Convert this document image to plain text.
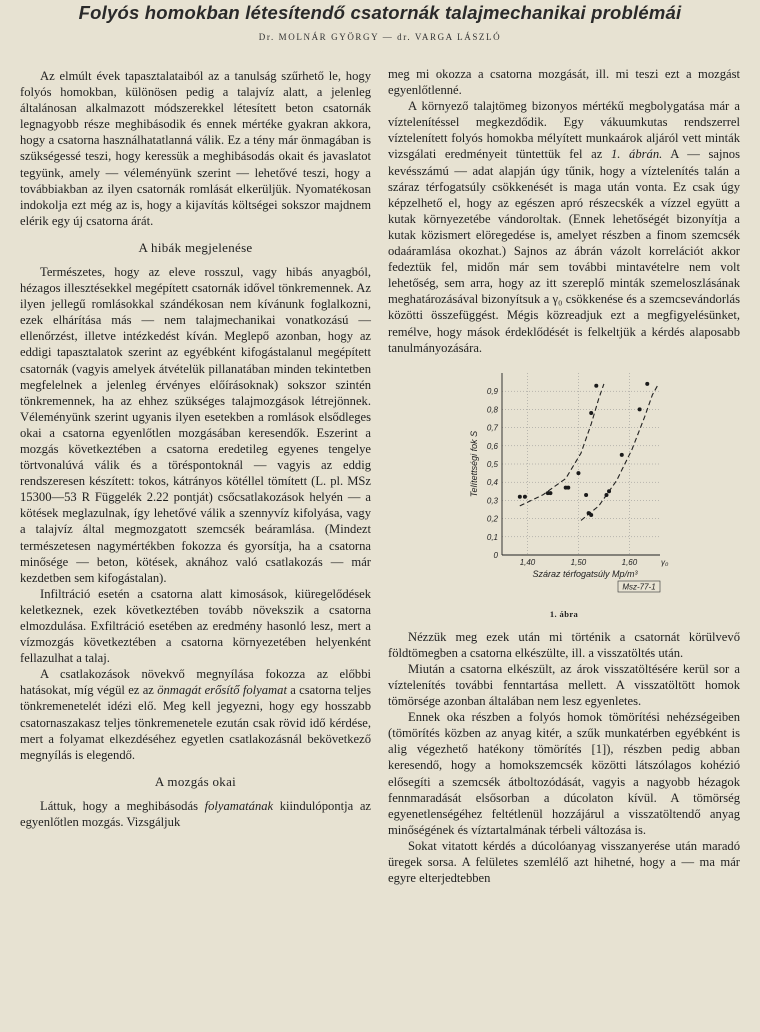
Folyós homokban létesítendő csatornák talajmechanikai problémái
Dr. MOLNÁR GYÖRGY — dr. VARGA LÁSZLÓ

Az elmúlt évek tapasztalataiból az a tanulság szűrhető le, hogy folyós homokban, különösen pedig a talajvíz alatt, a jelenleg általánosan alkalmazott módszerekkel létesített beton csatornák legnagyobb része meghibásodik és ennek mértéke gyakran akkora, hogy a csatorna használhatatlanná válik. Ez a tény már önmagában is szükségessé teszi, hogy keressük a meghibásodás okait és javaslatot tegyünk, amely — véleményünk szerint — lehetővé teszi, hogy a továbbiakban az ilyen csatornák romlását elkerüljük. Nyomatékosan indokolja ezt még az is, hogy a kijavítás költségei sokszor majdnem elérik egy új csatorna árát.

A hibák megjelenése

Természetes, hogy az eleve rosszul, vagy hibás anyagból, hézagos illesztésekkel megépített csatornák idővel tönkremennek. Az ilyen jellegű romlásokkal szándékosan nem kívánunk foglalkozni, ezek elhárítása más — nem talajmechanikai vonatkozású — ellenőrzést, illetve intézkedést kíván. Meglepő azonban, hogy az eddigi tapasztalatok szerint az egyébként kifogástalanul megépített csatornák (vagyis amelyek átvételük pillanatában minden tekintetben megfelelnek a jelenleg érvényes előírásoknak) sokszor szintén tönkremennek, ha az ehhez szükséges talajmozgások létrejönnek. Véleményünk szerint ugyanis ilyen esetekben a romlások elsődleges okai a csatorna egyenlőtlen mozgásában keresendők. Eszerint a mozgás következtében a csatorna eredetileg egyenes tengelye törtvonalúvá válik és a töréspontoknál — vagyis az eddig rendszeresen készített: tokos, kátrányos kötéllel tömített (L. pl. MSz 15300—53 R Függelék 2.22 pontját) csőcsatlakozások helyén — a kötések meglazulnak, így lehetővé válik a szennyvíz kifolyása, vagy a talajvíz által megmozgatott szemcsék beáramlása. (Mindezt természetesen nagymértékben fokozza és gyorsítja, ha a csatorna minősége — beton, kötések, aknához való csatlakozás — már kezdetben sem kifogástalan).

Infiltráció esetén a csatorna alatt kimosások, kiüregelődések keletkeznek, ezek következtében tovább növekszik a csatorna elmozdulása. Exfiltráció esetében az eredmény hasonló lesz, mert a vízmozgás következtében a csatorna környezetében helyenként fellazulhat a talaj.

A csatlakozások növekvő megnyílása fokozza az előbbi hatásokat, míg végül ez az önmagát erősítő folyamat a csatorna teljes tönkremenetelét idézi elő. Meg kell jegyezni, hogy egy hosszabb csatornaszakasz teljes tönkremenetele ezután csak rövid idő kérdése, mert a folyamat elkezdéséhez egyetlen csatlakozásnál bekövetkező megnyílás is elegendő.

A mozgás okai

Láttuk, hogy a meghibásodás folyamatának kiindulópontja az egyenlőtlen mozgás. Vizsgáljuk

meg mi okozza a csatorna mozgását, ill. mi teszi ezt a mozgást egyenlőtlenné.

A környező talajtömeg bizonyos mértékű megbolygatása már a víztelenítéssel megkezdődik. Egy vákuumkutas rendszerrel víztelenített folyós homokba mélyített munkaárok aljáról vett minták vizsgálati eredményeit tüntettük fel az 1. ábrán. A — sajnos kevésszámú — adat alapján úgy tűnik, hogy a víztelenítés talán a száraz térfogatsúly csökkenését is maga után vonta. Ez csak úgy képzelhető el, hogy az egészen apró részecskék a vízzel együtt a kutak környezetébe vándoroltak. (Ennek lehetőségét bizonyítja a kutak közismert elöregedése is, amelyet részben a finom szemcsék odaáramlása okozhat.) Sajnos az ábrán vázolt korrelációt akkor fedeztük fel, midőn már sem további mintavételre nem volt lehetőség, sem arra, hogy az itt szereplő minták szemeloszlásának meghatározásával bizonyítsuk a γ₀ csökkenése és a szemcsevándorlás közötti összefüggést. Mégis közreadjuk ezt a megfigyelésünket, remélve, hogy mások érdeklődését is felkeltjük a kérdés alaposabb tanulmányozására.

0
0,1
0,2
0,3
0,4
0,5
0,6
0,7
0,8
0,9
1,40	1,50	1,60	γ₀
Száraz térfogatsúly Mp/m³
Telítettségi fok S
Msz-77-1
1. ábra

Nézzük meg ezek után mi történik a csatornát körülvevő földtömegben a csatorna elkészülte, ill. a visszatöltés után.

Miután a csatorna elkészült, az árok visszatöltésére kerül sor a víztelenítés további fenntartása mellett. A visszatöltött homok tömörsége azonban általában nem lesz egyenletes.

Ennek oka részben a folyós homok tömörítési nehézségeiben (tömörítés közben az anyag kitér, a szűk munkatérben egyébként is alig végezhető hatékony tömörítés [1]), részben pedig abban keresendő, hogy a homokszemcsék közötti látszólagos kohézió elősegíti a szemcsék átboltozódását, vagyis a nagyobb hézagok fennmaradását elsősorban a dúcolaton kívül. A tömörség egyenetlenségéhez feltétlenül hozzájárul a visszatöltendő anyag minőségének és víztartalmának térbeli változása is.

Sokat vitatott kérdés a dúcolóanyag visszanyerése után maradó üregek sorsa. A felületes szemlélő azt hihetné, hogy a — ma már egyre elterjedtebben
